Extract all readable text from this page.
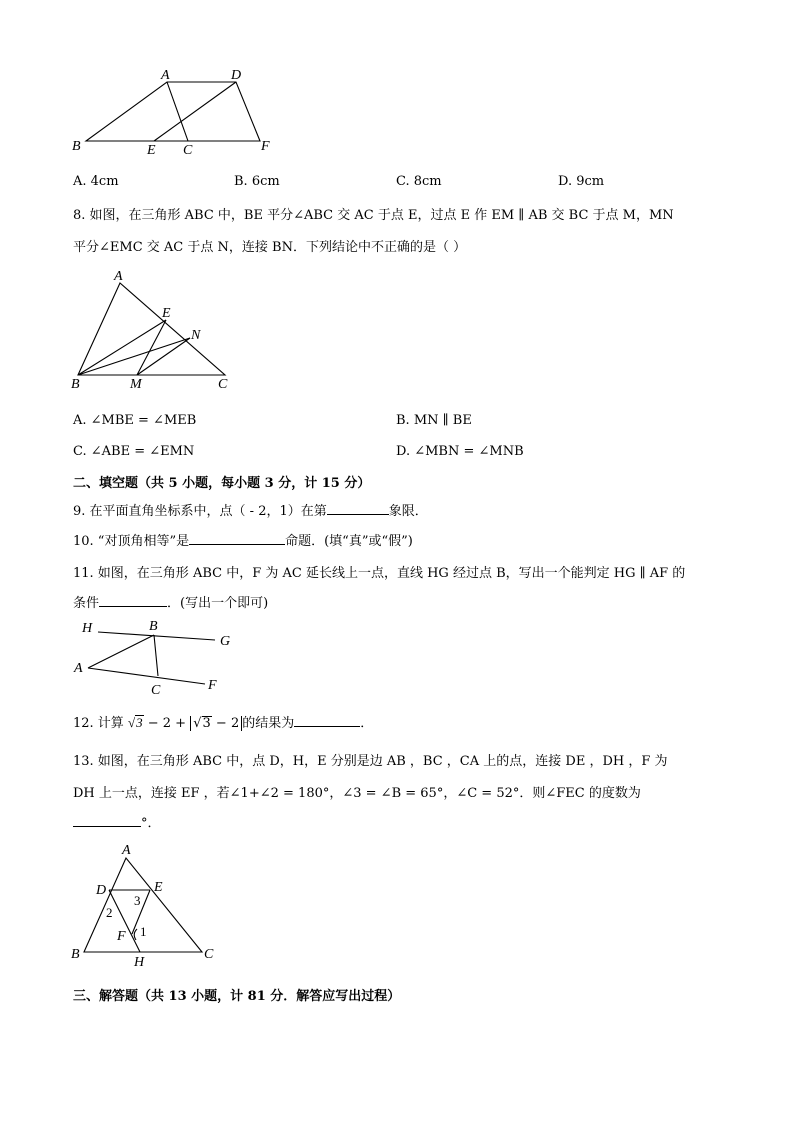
A	D
B	E C	F
A. 4cm	B. 6cm	C. 8cm	D. 9cm
8. 如图，在三角形 ABC 中，BE 平分∠ABC 交 AC 于点 E，过点 E 作 EM ∥ AB 交 BC 于点 M，MN
平分∠EMC 交 AC 于点 N，连接 BN．下列结论中不正确的是（ ）
A
E
N
B	M	C
A. ∠MBE = ∠MEB	B. MN ∥ BE
C. ∠ABE = ∠EMN	D. ∠MBN = ∠MNB
二、填空题（共 5 小题，每小题 3 分，计 15 分）
9. 在平面直角坐标系中，点（ - 2，1）在第	象限．
10. “对顶角相等”是	命题．(填“真”或“假”)
11. 如图，在三角形 ABC 中，F 为 AC 延长线上一点，直线 HG 经过点 B，写出一个能判定 HG ∥ AF 的
条件	．(写出一个即可)
H	B
G
A
C	F
12. 计算 √3 − 2 + √3 − 2 的结果为	．
13. 如图，在三角形 ABC 中，点 D，H，E 分别是边 AB ，BC ，CA 上的点，连接 DE ，DH ，F 为
DH 上一点，连接 EF ，若∠1+∠2 = 180°，∠3 = ∠B = 65°，∠C = 52°．则∠FEC 的度数为
°．
A
D	E
2
3
F 1
B
H
C
三、解答题（共 13 小题，计 81 分．解答应写出过程）
